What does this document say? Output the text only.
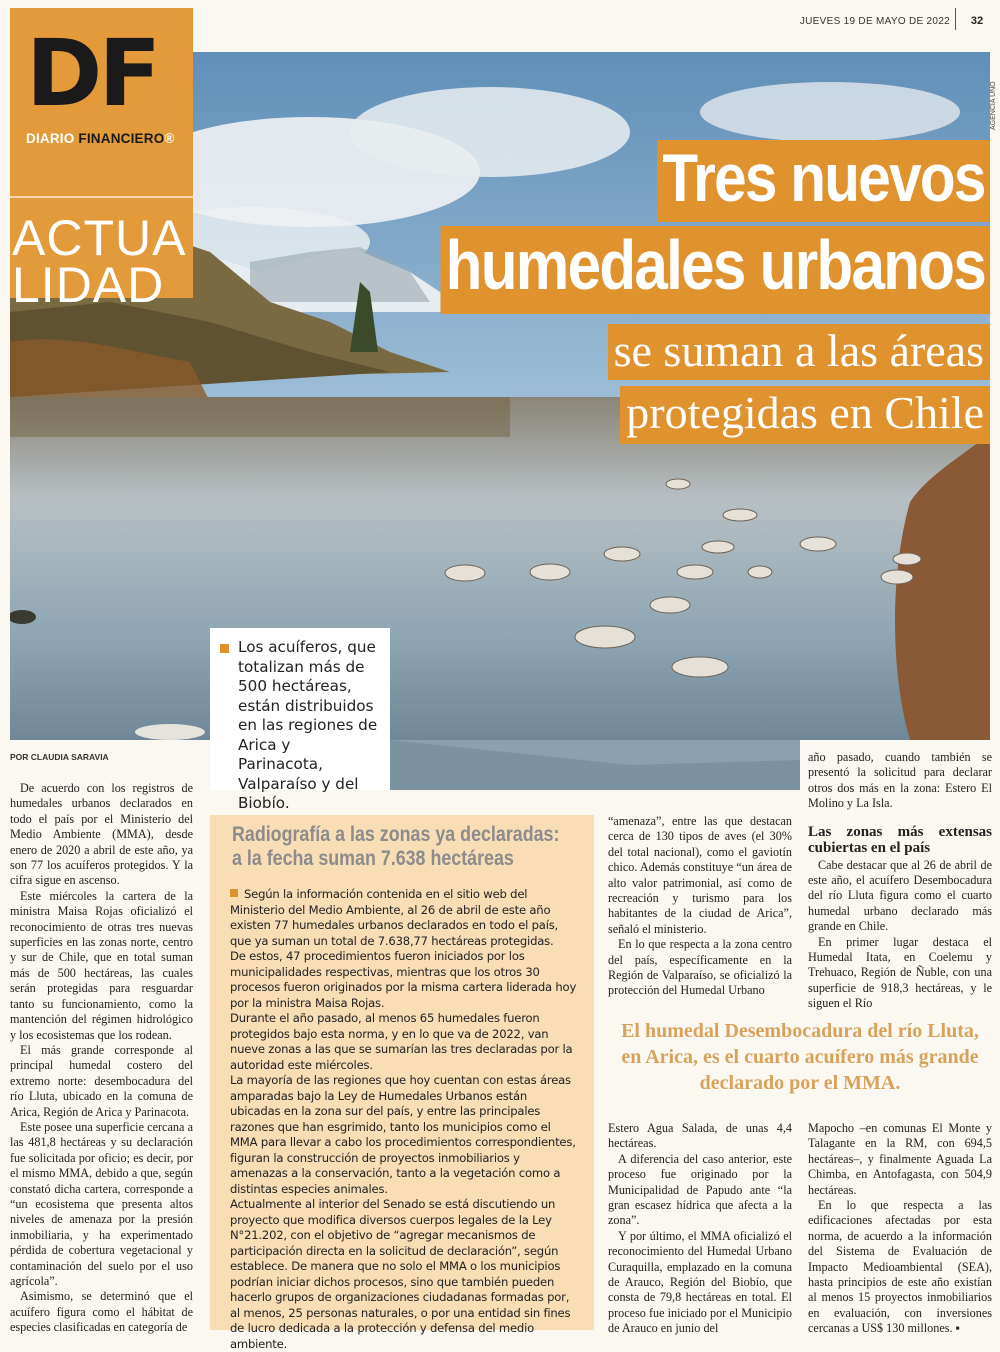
JUEVES 19 DE MAYO DE 2022	32
AGENCIA UNO
DF
DIARIO FINANCIERO®
ACTUA
LIDAD
Tres nuevos
humedales urbanos
se suman a las áreas
protegidas en Chile

Los acuíferos, que totalizan más de 500 hectáreas, están distribuidos en las regiones de Arica y Parinacota, Valparaíso y del Biobío.

POR CLAUDIA SARAVIA

De acuerdo con los registros de humedales urbanos declarados en todo el país por el Ministerio del Medio Ambiente (MMA), desde enero de 2020 a abril de este año, ya son 77 los acuíferos protegidos. Y la cifra sigue en ascenso.

Este miércoles la cartera de la ministra Maisa Rojas oficializó el reconocimiento de otras tres nuevas superficies en las zonas norte, centro y sur de Chile, que en total suman más de 500 hectáreas, las cuales serán protegidas para resguardar tanto su funcionamiento, como la mantención del régimen hidrológico y los ecosistemas que los rodean.

El más grande corresponde al principal humedal costero del extremo norte: desembocadura del río Lluta, ubicado en la comuna de Arica, Región de Arica y Parinacota.

Este posee una superficie cercana a las 481,8 hectáreas y su declaración fue solicitada por oficio; es decir, por el mismo MMA, debido a que, según constató dicha cartera, corresponde a “un ecosistema que presenta altos niveles de amenaza por la presión inmobiliaria, y ha experimentado pérdida de cobertura vegetacional y contaminación del suelo por el uso agrícola”.

Asimismo, se determinó que el acuífero figura como el hábitat de especies clasificadas en categoría de

Radiografía a las zonas ya declaradas:
a la fecha suman 7.638 hectáreas

Según la información contenida en el sitio web del Ministerio del Medio Ambiente, al 26 de abril de este año existen 77 humedales urbanos declarados en todo el país, que ya suman un total de 7.638,77 hectáreas protegidas.

De estos, 47 procedimientos fueron iniciados por los municipalidades respectivas, mientras que los otros 30 procesos fueron originados por la misma cartera liderada hoy por la ministra Maisa Rojas.

Durante el año pasado, al menos 65 humedales fueron protegidos bajo esta norma, y en lo que va de 2022, van nueve zonas a las que se sumarían las tres declaradas por la autoridad este miércoles.

La mayoría de las regiones que hoy cuentan con estas áreas amparadas bajo la Ley de Humedales Urbanos están ubicadas en la zona sur del país, y entre las principales razones que han esgrimido, tanto los municipios como el MMA para llevar a cabo los procedimientos correspondientes, figuran la construcción de proyectos inmobiliarios y amenazas a la conservación, tanto a la vegetación como a distintas especies animales.

Actualmente al interior del Senado se está discutiendo un proyecto que modifica diversos cuerpos legales de la Ley N°21.202, con el objetivo de “agregar mecanismos de participación directa en la solicitud de declaración”, según establece. De manera que no solo el MMA o los municipios podrían iniciar dichos procesos, sino que también pueden hacerlo grupos de organizaciones ciudadanas formadas por, al menos, 25 personas naturales, o por una entidad sin fines de lucro dedicada a la protección y defensa del medio ambiente.

“amenaza”, entre las que destacan cerca de 130 tipos de aves (el 30% del total nacional), como el gaviotín chico. Además constituye “un área de alto valor patrimonial, así como de recreación y turismo para los habitantes de la ciudad de Arica”, señaló el ministerio.

En lo que respecta a la zona centro del país, específicamente en la Región de Valparaíso, se oficializó la protección del Humedal Urbano

año pasado, cuando también se presentó la solicitud para declarar otros dos más en la zona: Estero El Molino y La Isla.

Las zonas más extensas cubiertas en el país

Cabe destacar que al 26 de abril de este año, el acuífero Desembocadura del río Lluta figura como el cuarto humedal urbano declarado más grande en Chile.

En primer lugar destaca el Humedal Itata, en Coelemu y Trehuaco, Región de Ñuble, con una superficie de 918,3 hectáreas, y le siguen el Río

El humedal Desembocadura del río Lluta, en Arica, es el cuarto acuífero más grande declarado por el MMA.

Estero Agua Salada, de unas 4,4 hectáreas.

A diferencia del caso anterior, este proceso fue originado por la Municipalidad de Papudo ante “la gran escasez hídrica que afecta a la zona”.

Y por último, el MMA oficializó el reconocimiento del Humedal Urbano Curaquilla, emplazado en la comuna de Arauco, Región del Biobío, que consta de 79,8 hectáreas en total. El proceso fue iniciado por el Municipio de Arauco en junio del

Mapocho –en comunas El Monte y Talagante en la RM, con 694,5 hectáreas–, y finalmente Aguada La Chimba, en Antofagasta, con 504,9 hectáreas.

En lo que respecta a las edificaciones afectadas por esta norma, de acuerdo a la información del Sistema de Evaluación de Impacto Medioambiental (SEA), hasta principios de este año existían al menos 15 proyectos inmobiliarios en evaluación, con inversiones cercanas a US$ 130 millones. ▪
